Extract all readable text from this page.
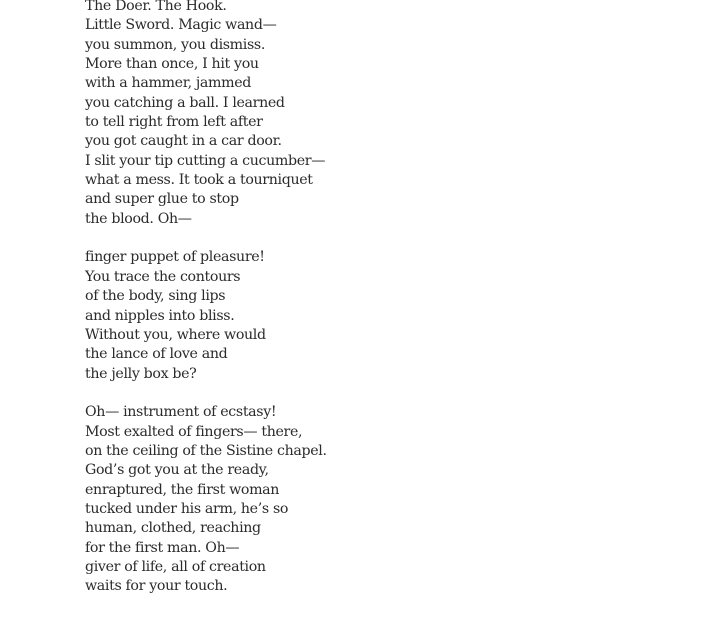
The Doer. The Hook.
Little Sword. Magic wand—
you summon, you dismiss.
More than once, I hit you
with a hammer, jammed
you catching a ball. I learned
to tell right from left after
you got caught in a car door.
I slit your tip cutting a cucumber—
what a mess. It took a tourniquet
and super glue to stop
the blood. Oh—
finger puppet of pleasure!
You trace the contours
of the body, sing lips
and nipples into bliss.
Without you, where would
the lance of love and
the jelly box be?
Oh— instrument of ecstasy!
Most exalted of fingers— there,
on the ceiling of the Sistine chapel.
God’s got you at the ready,
enraptured, the first woman
tucked under his arm, he’s so
human, clothed, reaching
for the first man. Oh—
giver of life, all of creation
waits for your touch.
